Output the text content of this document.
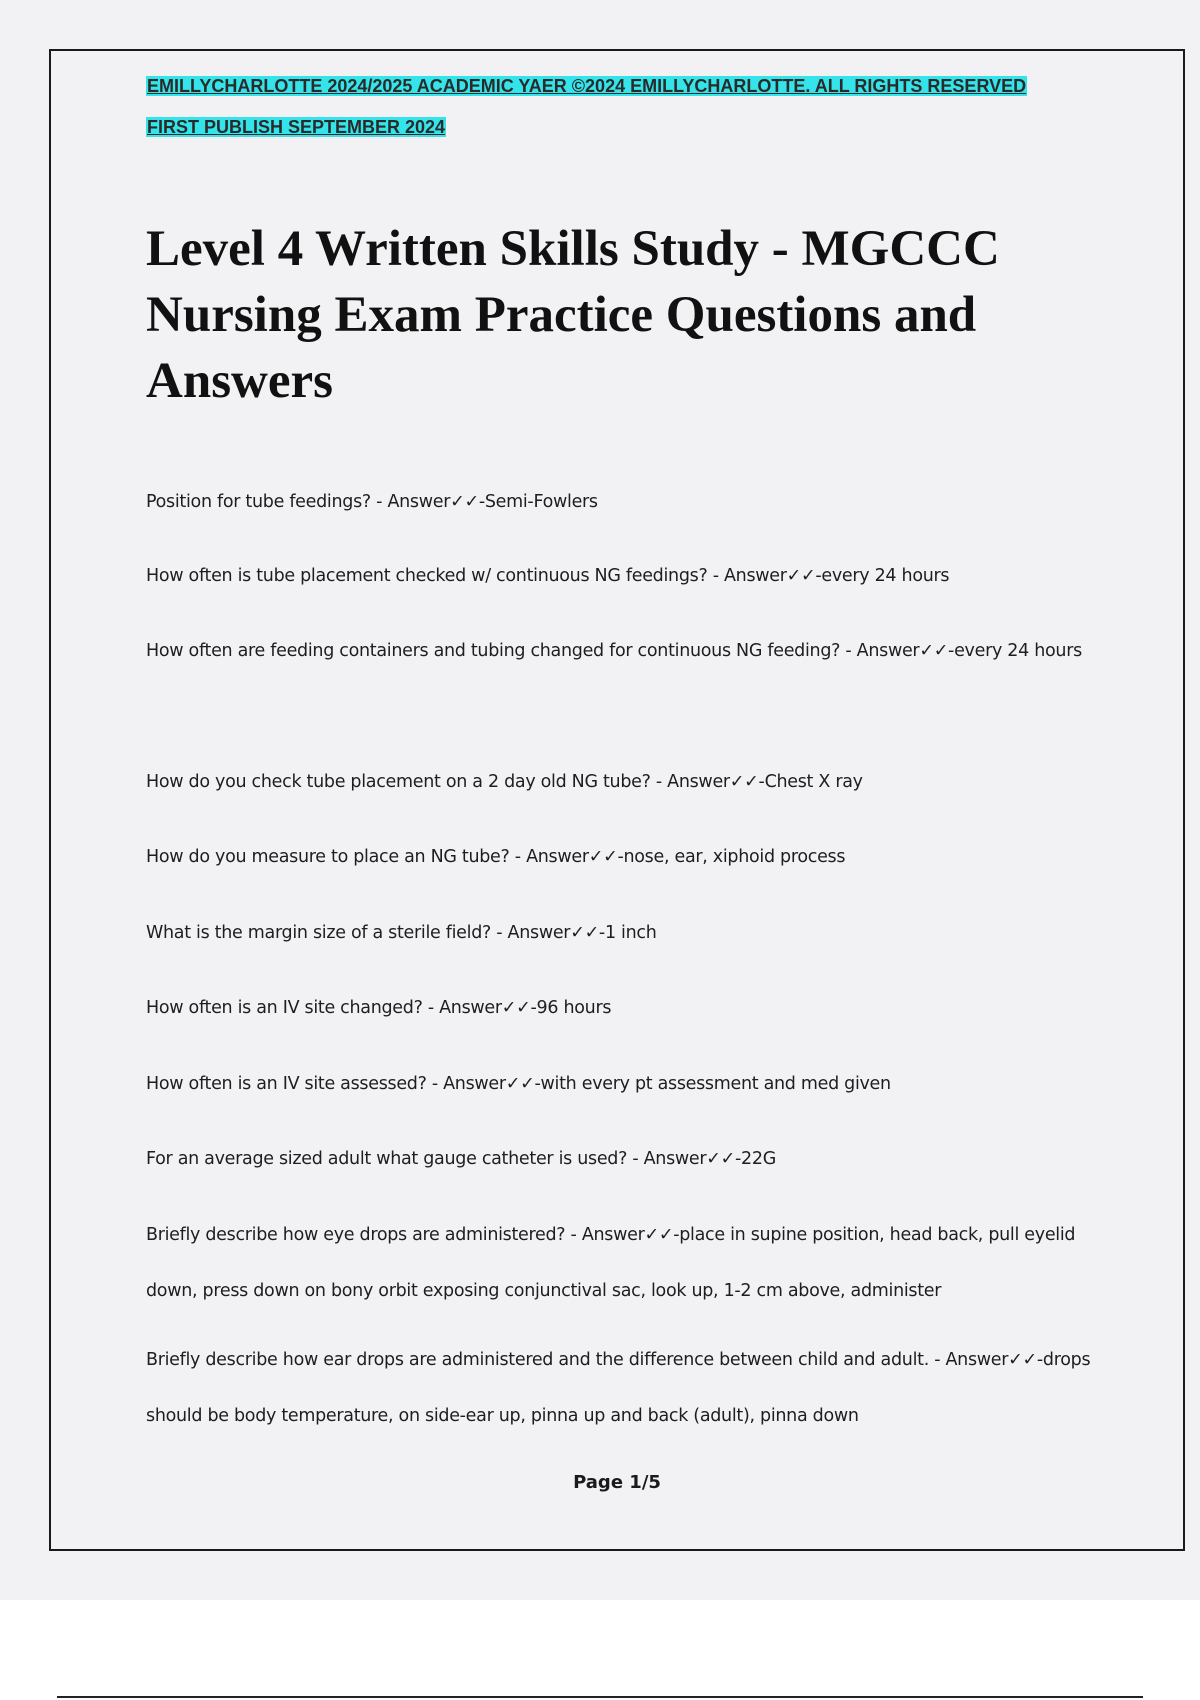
EMILLYCHARLOTTE 2024/2025 ACADEMIC YAER ©2024 EMILLYCHARLOTTE. ALL RIGHTS RESERVED
FIRST PUBLISH SEPTEMBER 2024
Level 4 Written Skills Study - MGCCC Nursing Exam Practice Questions and Answers
Position for tube feedings? - Answer✓✓-Semi-Fowlers
How often is tube placement checked w/ continuous NG feedings? - Answer✓✓-every 24 hours
How often are feeding containers and tubing changed for continuous NG feeding? - Answer✓✓-every 24 hours
How do you check tube placement on a 2 day old NG tube? - Answer✓✓-Chest X ray
How do you measure to place an NG tube? - Answer✓✓-nose, ear, xiphoid process
What is the margin size of a sterile field? - Answer✓✓-1 inch
How often is an IV site changed? - Answer✓✓-96 hours
How often is an IV site assessed? - Answer✓✓-with every pt assessment and med given
For an average sized adult what gauge catheter is used? - Answer✓✓-22G
Briefly describe how eye drops are administered? - Answer✓✓-place in supine position, head back, pull eyelid down, press down on bony orbit exposing conjunctival sac, look up, 1-2 cm above, administer
Briefly describe how ear drops are administered and the difference between child and adult. - Answer✓✓-drops should be body temperature, on side-ear up, pinna up and back (adult), pinna down
Page 1/5
